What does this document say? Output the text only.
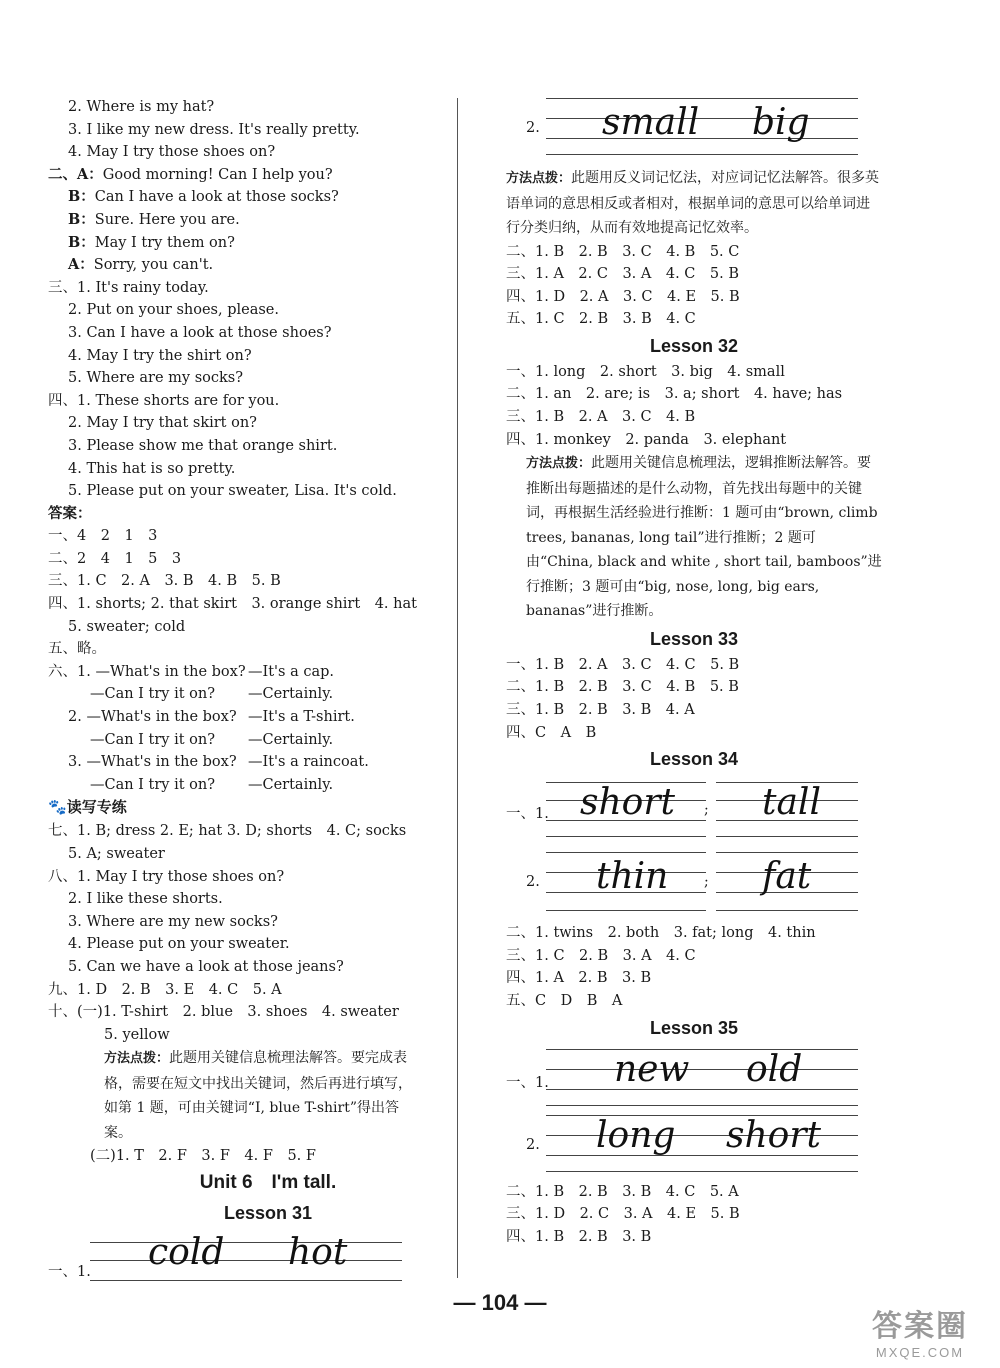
2. Where is my hat?
3. I like my new dress. It's really pretty.
4. May I try those shoes on?
二、A：Good morning! Can I help you?
B：Can I have a look at those socks?
B：Sure. Here you are.
B：May I try them on?
A：Sorry, you can't.
三、1. It's rainy today.
2. Put on your shoes, please.
3. Can I have a look at those shoes?
4. May I try the shirt on?
5. Where are my socks?
四、1. These shorts are for you.
2. May I try that skirt on?
3. Please show me that orange shirt.
4. This hat is so pretty.
5. Please put on your sweater, Lisa. It's cold.
答案：
一、4　2　1　3
二、2　4　1　5　3
三、1. C　2. A　3. B　4. B　5. B
四、1. shorts; 2. that skirt　3. orange shirt　4. hat
5. sweater; cold
五、略。
六、1. —What's in the box? —It's a cap.
—Can I try it on? —Certainly.
2. —What's in the box? —It's a T-shirt.
—Can I try it on? —Certainly.
3. —What's in the box? —It's a raincoat.
—Can I try it on? —Certainly.
🐾读写专练
七、1. B; dress 2. E; hat 3. D; shorts　4. C; socks
5. A; sweater
八、1. May I try those shoes on?
2. I like these shorts.
3. Where are my new socks?
4. Please put on your sweater.
5. Can we have a look at those jeans?
九、1. D　2. B　3. E　4. C　5. A
十、(一)1. T-shirt　2. blue　3. shoes　4. sweater
5. yellow
方法点拨：此题用关键信息梳理法解答。要完成表格，需要在短文中找出关键词，然后再进行填写，如第 1 题，可由关键词“I, blue T-shirt”得出答案。
(二)1. T　2. F　3. F　4. F　5. F
Unit 6　I'm tall.
Lesson 31
一、1. cold hot
2. small big
方法点拨：此题用反义词记忆法，对应词记忆法解答。很多英语单词的意思相反或者相对，根据单词的意思可以给单词进行分类归纳，从而有效地提高记忆效率。
二、1. B　2. B　3. C　4. B　5. C
三、1. A　2. C　3. A　4. C　5. B
四、1. D　2. A　3. C　4. E　5. B
五、1. C　2. B　3. B　4. C
Lesson 32
一、1. long　2. short　3. big　4. small
二、1. an　2. are; is　3. a; short　4. have; has
三、1. B　2. A　3. C　4. B
四、1. monkey　2. panda　3. elephant
方法点拨：此题用关键信息梳理法，逻辑推断法解答。要推断出每题描述的是什么动物，首先找出每题中的关键词，再根据生活经验进行推断：1 题可由“brown, climb trees, bananas, long tail”进行推断；2 题可由“China, black and white , short tail, bamboos”进行推断；3 题可由“big, nose, long, big ears, bananas”进行推断。
Lesson 33
一、1. B　2. A　3. C　4. C　5. B
二、1. B　2. B　3. C　4. B　5. B
三、1. B　2. B　3. B　4. A
四、C　A　B
Lesson 34
一、1. short ; tall
2. thin	; fat
二、1. twins　2. both　3. fat; long　4. thin
三、1. C　2. B　3. A　4. C
四、1. A　2. B　3. B
五、C　D　B　A
Lesson 35
一、1. new old
2. long short
二、1. B　2. B　3. B　4. C　5. A
三、1. D　2. C　3. A　4. E　5. B
四、1. B　2. B　3. B
— 104 —
答案圈
MXQE.COM
